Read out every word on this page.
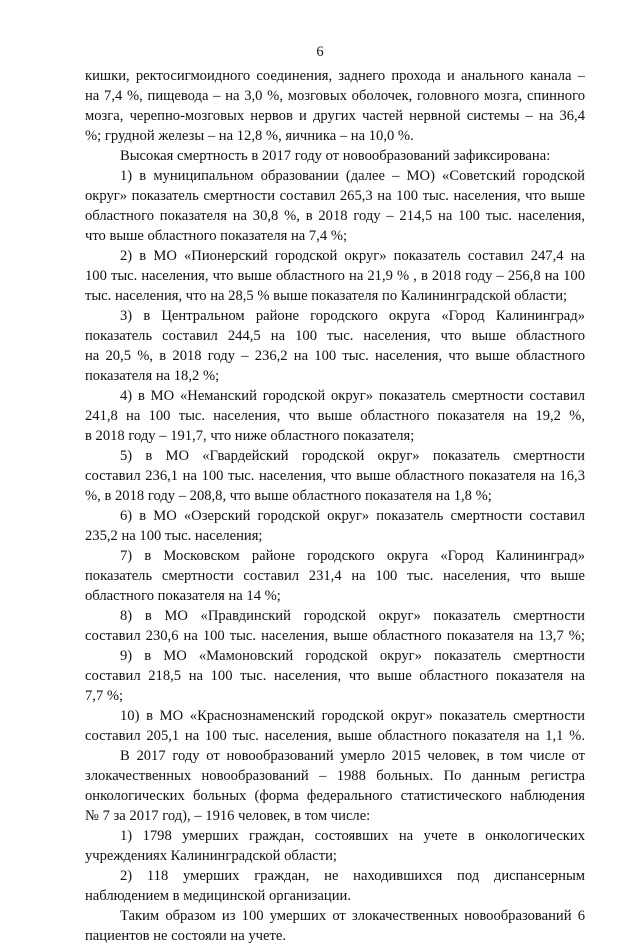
6
кишки, ректосигмоидного соединения, заднего прохода и анального канала –
на 7,4 %, пищевода – на 3,0 %, мозговых оболочек, головного мозга, спинного
мозга, черепно-мозговых нервов и других частей нервной системы – на 36,4
%; грудной железы – на 12,8 %, яичника – на 10,0 %.
Высокая смертность в 2017 году от новообразований зафиксирована:
1) в муниципальном образовании (далее – МО) «Советский городской
округ» показатель смертности составил 265,3 на 100 тыс. населения, что выше
областного показателя на 30,8 %, в 2018 году – 214,5 на 100 тыс. населения,
что выше областного показателя на 7,4 %;
2) в МО «Пионерский городской округ» показатель составил 247,4 на
100 тыс. населения, что выше областного на 21,9 % , в 2018 году – 256,8 на 100
тыс. населения, что на 28,5 % выше показателя по Калининградской области;
3) в Центральном районе городского округа «Город Калининград»
показатель составил 244,5 на 100 тыс. населения, что выше областного
на 20,5 %, в 2018 году – 236,2 на 100 тыс. населения, что выше областного
показателя на 18,2 %;
4) в МО «Неманский городской округ» показатель смертности составил
241,8 на 100 тыс. населения, что выше областного показателя на 19,2 %,
в 2018 году – 191,7, что ниже областного показателя;
5) в МО «Гвардейский городской округ» показатель смертности
составил 236,1 на 100 тыс. населения, что выше областного показателя на 16,3
%, в 2018 году – 208,8, что выше областного показателя на 1,8 %;
6) в МО «Озерский городской округ» показатель смертности составил
235,2 на 100 тыс. населения;
7) в Московском районе городского округа «Город Калининград»
показатель смертности составил 231,4 на 100 тыс. населения, что выше
областного показателя на 14 %;
8) в МО «Правдинский городской округ» показатель смертности
составил 230,6 на 100 тыс. населения, выше областного показателя на 13,7 %;
9) в МО «Мамоновский городской округ» показатель смертности
составил 218,5 на 100 тыс. населения, что выше областного показателя на
7,7 %;
10) в МО «Краснознаменский городской округ» показатель смертности
составил 205,1 на 100 тыс. населения, выше областного показателя на 1,1 %.
В 2017 году от новообразований умерло 2015 человек, в том числе от
злокачественных новообразований – 1988 больных. По данным регистра
онкологических больных (форма федерального статистического наблюдения
№ 7 за 2017 год), – 1916 человек, в том числе:
1) 1798 умерших граждан, состоявших на учете в онкологических
учреждениях Калининградской области;
2) 118 умерших граждан, не находившихся под диспансерным
наблюдением в медицинской организации.
Таким образом из 100 умерших от злокачественных новообразований 6
пациентов не состояли на учете.
